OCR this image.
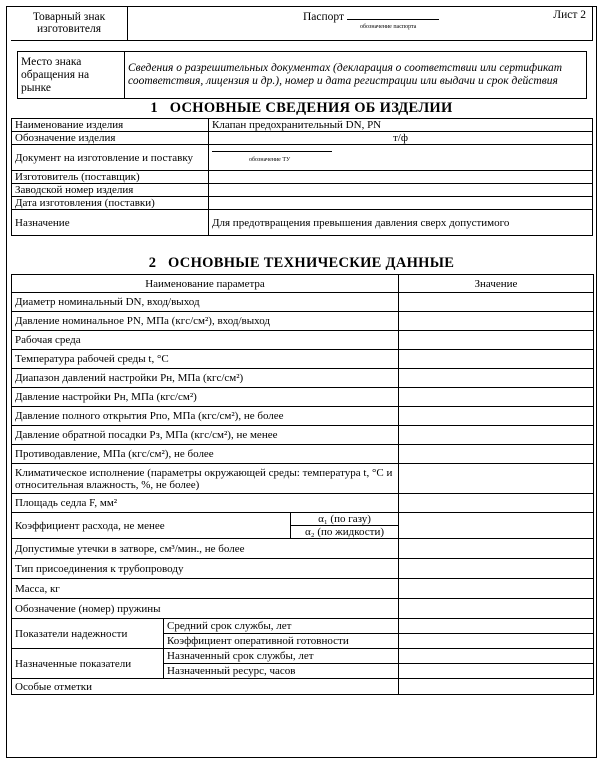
Товарный знак изготовителя	
Паспорт
обозначение паспорта
Лист 2
Место знака обращения на рынке	Сведения о разрешительных документах (декларация о соответствии или сертификат соответствия, лицензия и др.), номер и дата регистрации или выдачи и срок действия
1 ОСНОВНЫЕ СВЕДЕНИЯ ОБ ИЗДЕЛИИ
Наименование изделия	Клапан предохранительный DN, PN
Обозначение изделия	т/ф
Документ на изготовление и поставку	обозначение ТУ

Изготовитель (поставщик)	
Заводской номер изделия	
Дата изготовления (поставки)	
Назначение	Для предотвращения превышения давления сверх допустимого
2 ОСНОВНЫЕ ТЕХНИЧЕСКИЕ ДАННЫЕ
Наименование параметра			Значение
Диаметр номинальный DN, вход/выход			
Давление номинальное PN, МПа (кгс/см²), вход/выход			
Рабочая среда			
Температура рабочей среды t, °С			
Диапазон давлений настройки Рн, МПа (кгс/см²)			
Давление настройки Рн, МПа (кгс/см²)			
Давление полного открытия Рпо, МПа (кгс/см²), не более			
Давление обратной посадки Рз, МПа (кгс/см²), не менее			
Противодавление, МПа (кгс/см²), не более			
Климатическое исполнение (параметры окружающей среды: температура t, °С и относительная влажность, %, не более)			
Площадь седла F, мм²			
Коэффициент расхода, не менее		α₁ (по газу)	
		α₂ (по жидкости)	
Допустимые утечки в затворе, см³/мин., не более			
Тип присоединения к трубопроводу			
Масса, кг			
Обозначение (номер) пружины			
Показатели надежности	Средний срок службы, лет		
	Коэффициент оперативной готовности		
Назначенные показатели	Назначенный срок службы, лет		
	Назначенный ресурс, часов		
Особые отметки			
